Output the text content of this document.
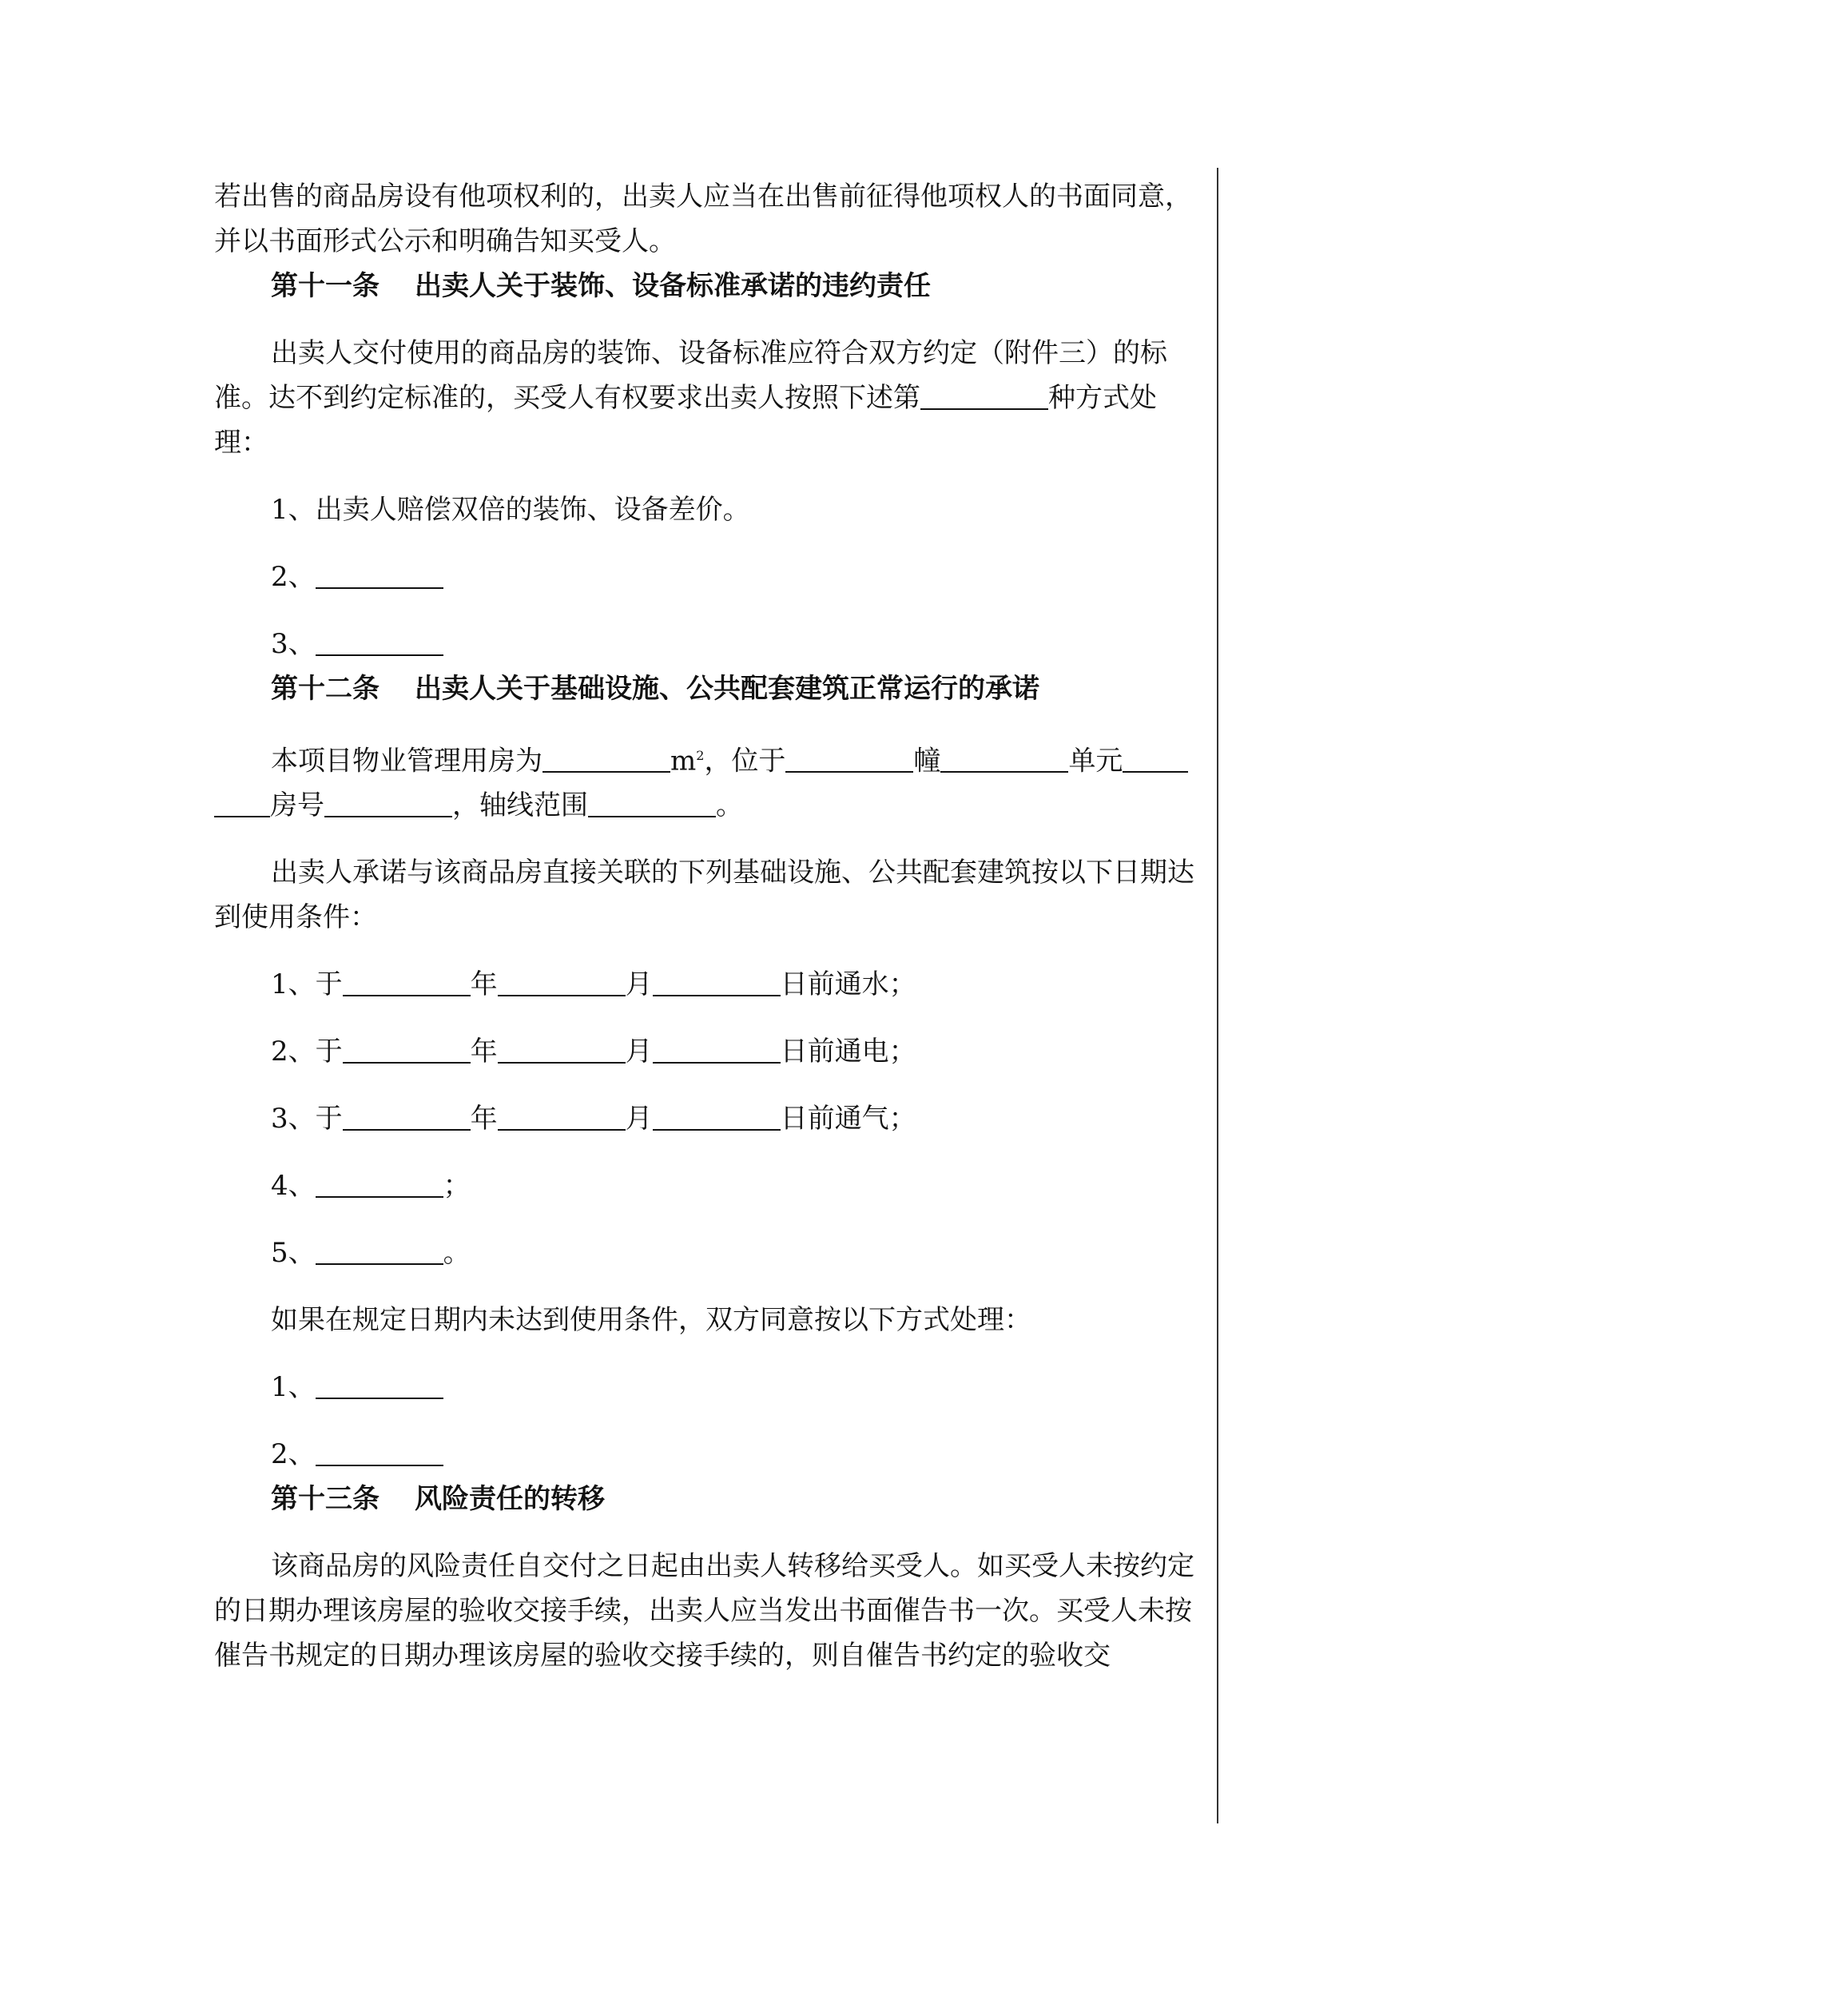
若出售的商品房设有他项权利的，出卖人应当在出售前征得他项权人的书面同意，
并以书面形式公示和明确告知买受人。

第十一条 出卖人关于装饰、设备标准承诺的违约责任

出卖人交付使用的商品房的装饰、设备标准应符合双方约定（附件三）的标准。达不到约定标准的，买受人有权要求出卖人按照下述第	种方式处理：

1、出卖人赔偿双倍的装饰、设备差价。

2、

3、

第十二条 出卖人关于基础设施、公共配套建筑正常运行的承诺

本项目物业管理用房为	$m^2$，位于	幢	单元
房号	，轴线范围	。

出卖人承诺与该商品房直接关联的下列基础设施、公共配套建筑按以下日期达到使用条件：

1、于	年	月	日前通水；

2、于	年	月	日前通电；

3、于	年	月	日前通气；

4、	；

5、	。

如果在规定日期内未达到使用条件，双方同意按以下方式处理：

1、

2、

第十三条 风险责任的转移

该商品房的风险责任自交付之日起由出卖人转移给买受人。如买受人未按约定的日期办理该房屋的验收交接手续，出卖人应当发出书面催告书一次。买受人未按催告书规定的日期办理该房屋的验收交接手续的，则自催告书约定的验收交
